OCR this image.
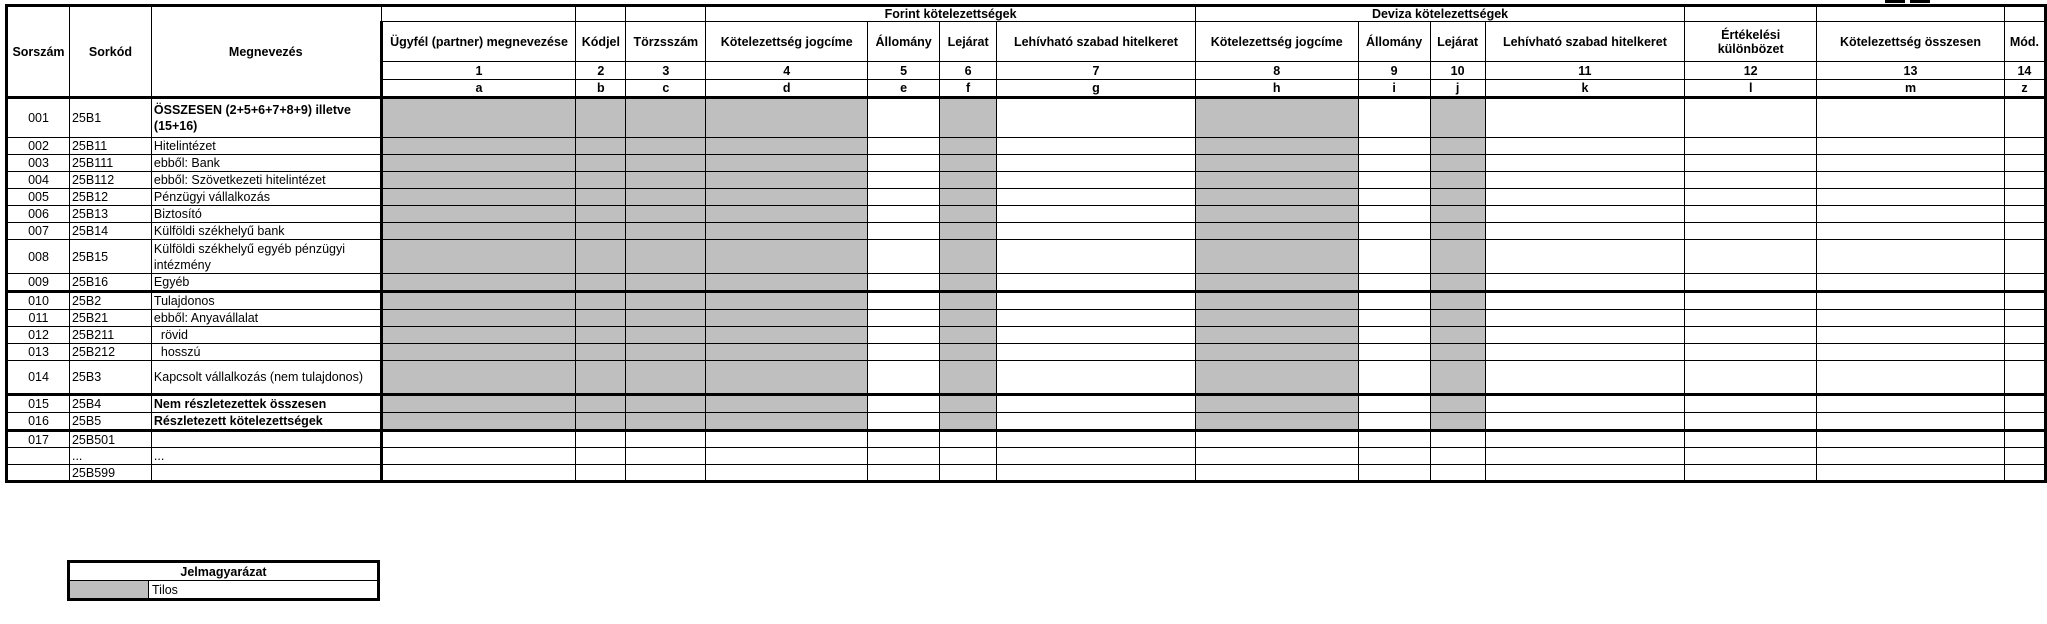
Sorszám	Sorkód	Megnevezés				Forint kötelezettségek				Deviza kötelezettségek						
			Ügyfél (partner) megnevezése	Kódjel	Törzsszám	Kötelezettség jogcíme	Állomány	Lejárat	Lehívható szabad hitelkeret	Kötelezettség jogcíme	Állomány	Lejárat	Lehívható szabad hitelkeret	Értékelési különbözet	Kötelezettség összesen	Mód.
			1	2	3	4	5	6	7	8	9	10	11	12	13	14
			a	b	c	d	e	f	g	h	i	j	k	l	m	z
001	25B1	ÖSSZESEN (2+5+6+7+8+9) illetve (15+16)														
002	25B11	Hitelintézet														
003	25B111	ebből: Bank														
004	25B112	ebből: Szövetkezeti hitelintézet														
005	25B12	Pénzügyi vállalkozás														
006	25B13	Biztosító														
007	25B14	Külföldi székhelyű bank														
008	25B15	Külföldi székhelyű egyéb pénzügyi intézmény														
009	25B16	Egyéb														
010	25B2	Tulajdonos														
011	25B21	ebből: Anyavállalat														
012	25B211	rövid														
013	25B212	hosszú														
014	25B3	Kapcsolt vállalkozás (nem tulajdonos)														
015	25B4	Nem részletezettek összesen														
016	25B5	Részletezett kötelezettségek														
017	25B501															
	...	...														
	25B599															
Jelmagyarázat
	Tilos
